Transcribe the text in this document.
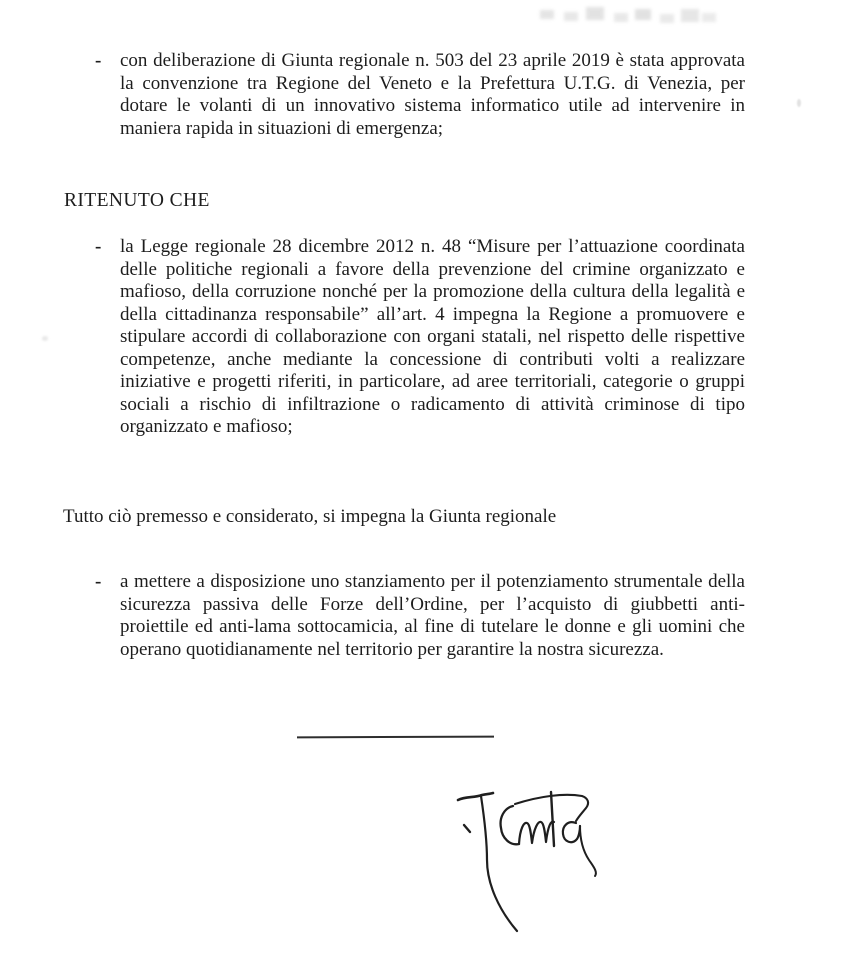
- con deliberazione di Giunta regionale n. 503 del 23 aprile 2019 è stata approvata la convenzione tra Regione del Veneto e la Prefettura U.T.G. di Venezia, per dotare le volanti di un innovativo sistema informatico utile ad intervenire in maniera rapida in situazioni di emergenza;

RITENUTO CHE
- la Legge regionale 28 dicembre 2012 n. 48 “Misure per l’attuazione coordinata delle politiche regionali a favore della prevenzione del crimine organizzato e mafioso, della corruzione nonché per la promozione della cultura della legalità e della cittadinanza responsabile” all’art. 4 impegna la Regione a promuovere e stipulare accordi di collaborazione con organi statali, nel rispetto delle rispettive competenze, anche mediante la concessione di contributi volti a realizzare iniziative e progetti riferiti, in particolare, ad aree territoriali, categorie o gruppi sociali a rischio di infiltrazione o radicamento di attività criminose di tipo organizzato e mafioso;

Tutto ciò premesso e considerato, si impegna la Giunta regionale

- a mettere a disposizione uno stanziamento per il potenziamento strumentale della sicurezza passiva delle Forze dell’Ordine, per l’acquisto di giubbetti anti-proiettile ed anti-lama sottocamicia, al fine di tutelare le donne e gli uomini che operano quotidianamente nel territorio per garantire la nostra sicurezza.
